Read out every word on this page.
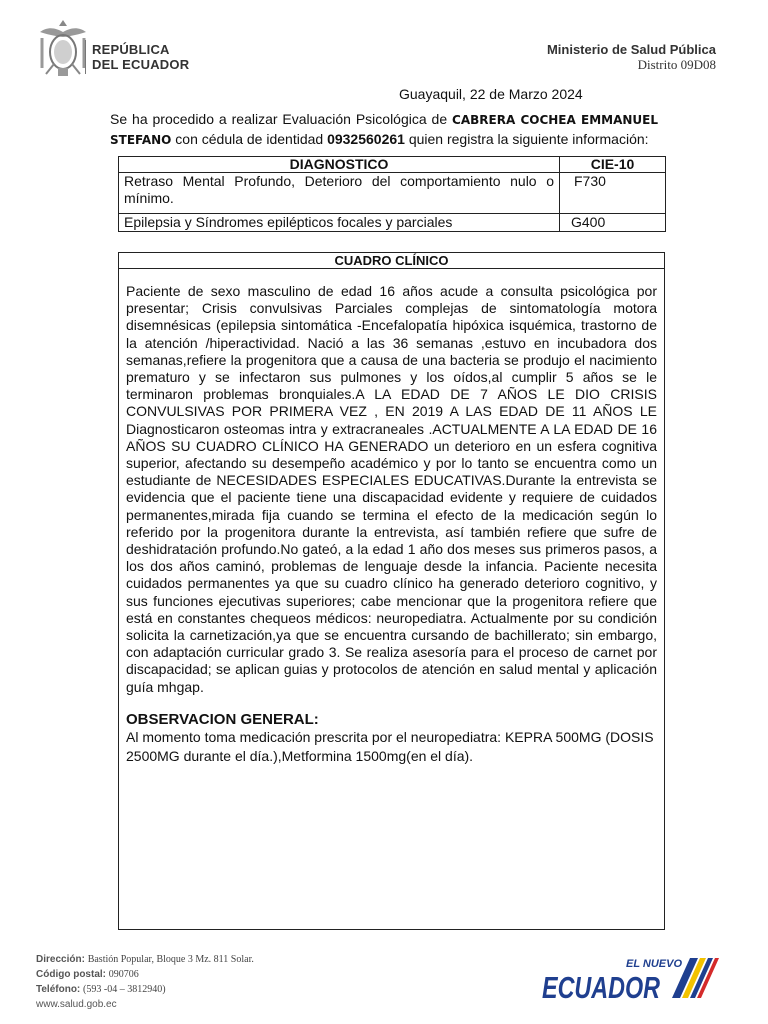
REPÚBLICA
DEL ECUADOR
Ministerio de Salud Pública
Distrito 09D08
Guayaquil, 22 de Marzo 2024
Se ha procedido a realizar Evaluación Psicológica de CABRERA COCHEA EMMANUEL STEFANO con cédula de identidad 0932560261 quien registra la siguiente información:
DIAGNOSTICO	CIE-10
Retraso Mental Profundo, Deterioro del comportamiento nulo o mínimo.	F730
Epilepsia y Síndromes epilépticos focales y parciales	G400
CUADRO CLÍNICO
Paciente de sexo masculino de edad 16 años acude a consulta psicológica por presentar; Crisis convulsivas Parciales complejas de sintomatología motora disemnésicas (epilepsia sintomática -Encefalopatía hipóxica isquémica, trastorno de la atención /hiperactividad. Nació a las 36 semanas ,estuvo en incubadora dos semanas,refiere la progenitora que a causa de una bacteria se produjo el nacimiento prematuro y se infectaron sus pulmones y los oídos,al cumplir 5 años se le terminaron problemas bronquiales.A LA EDAD DE 7 AÑOS LE DIO CRISIS CONVULSIVAS POR PRIMERA VEZ , EN 2019 A LAS EDAD DE 11 AÑOS LE Diagnosticaron osteomas intra y extracraneales .ACTUALMENTE A LA EDAD DE 16 AÑOS SU CUADRO CLÍNICO HA GENERADO un deterioro en un esfera cognitiva superior, afectando su desempeño académico y por lo tanto se encuentra como un estudiante de NECESIDADES ESPECIALES EDUCATIVAS.Durante la entrevista se evidencia que el paciente tiene una discapacidad evidente y requiere de cuidados permanentes,mirada fija cuando se termina el efecto de la medicación según lo referido por la progenitora durante la entrevista, así también refiere que sufre de deshidratación profundo.No gateó, a la edad 1 año dos meses sus primeros pasos, a los dos años caminó, problemas de lenguaje desde la infancia. Paciente necesita cuidados permanentes ya que su cuadro clínico ha generado deterioro cognitivo, y sus funciones ejecutivas superiores; cabe mencionar que la progenitora refiere que está en constantes chequeos médicos: neuropediatra. Actualmente por su condición solicita la carnetización,ya que se encuentra cursando de bachillerato; sin embargo, con adaptación curricular grado 3. Se realiza asesoría para el proceso de carnet por discapacidad; se aplican guias y protocolos de atención en salud mental y aplicación guía mhgap.
OBSERVACION GENERAL:
Al momento toma medicación prescrita por el neuropediatra: KEPRA 500MG (DOSIS 2500MG durante el día.),Metformina 1500mg(en el día).
Dirección: Bastión Popular, Bloque 3 Mz. 811 Solar.
Código postal: 090706
Teléfono: (593 -04 – 3812940)
www.salud.gob.ec
EL NUEVO
ECUADOR
